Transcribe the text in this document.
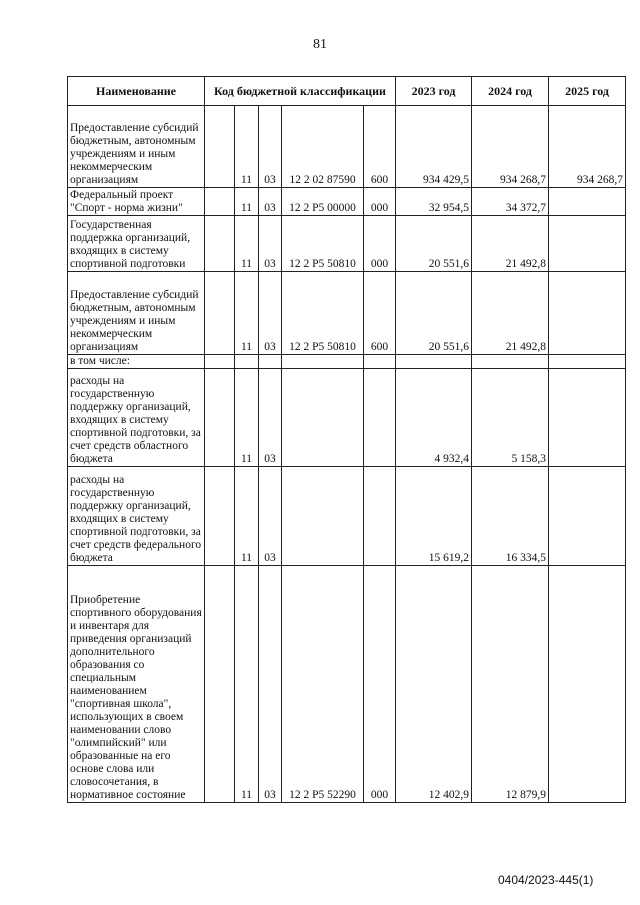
81
Наименование	Код бюджетной классификации					2023 год	2024 год	2025 год
Предоставление субсидий бюджетным, автономным учреждениям и иным некоммерческим организациям		11	03	12 2 02 87590	600	934 429,5	934 268,7	934 268,7
Федеральный проект "Спорт - норма жизни"		11	03	12 2 P5 00000	000	32 954,5	34 372,7	
Государственная поддержка организаций, входящих в систему спортивной подготовки		11	03	12 2 P5 50810	000	20 551,6	21 492,8	
Предоставление субсидий бюджетным, автономным учреждениям и иным некоммерческим организациям		11	03	12 2 P5 50810	600	20 551,6	21 492,8	
в том числе:								
расходы на государственную поддержку организаций, входящих в систему спортивной подготовки, за счет средств областного бюджета		11	03			4 932,4	5 158,3	
расходы на государственную поддержку организаций, входящих в систему спортивной подготовки, за счет средств федерального бюджета		11	03			15 619,2	16 334,5	
Приобретение спортивного оборудования и инвентаря для приведения организаций дополнительного образования со специальным наименованием "спортивная школа", использующих в своем наименовании слово "олимпийский" или образованные на его основе слова или словосочетания, в нормативное состояние		11	03	12 2 P5 52290	000	12 402,9	12 879,9	
0404/2023-445(1)
